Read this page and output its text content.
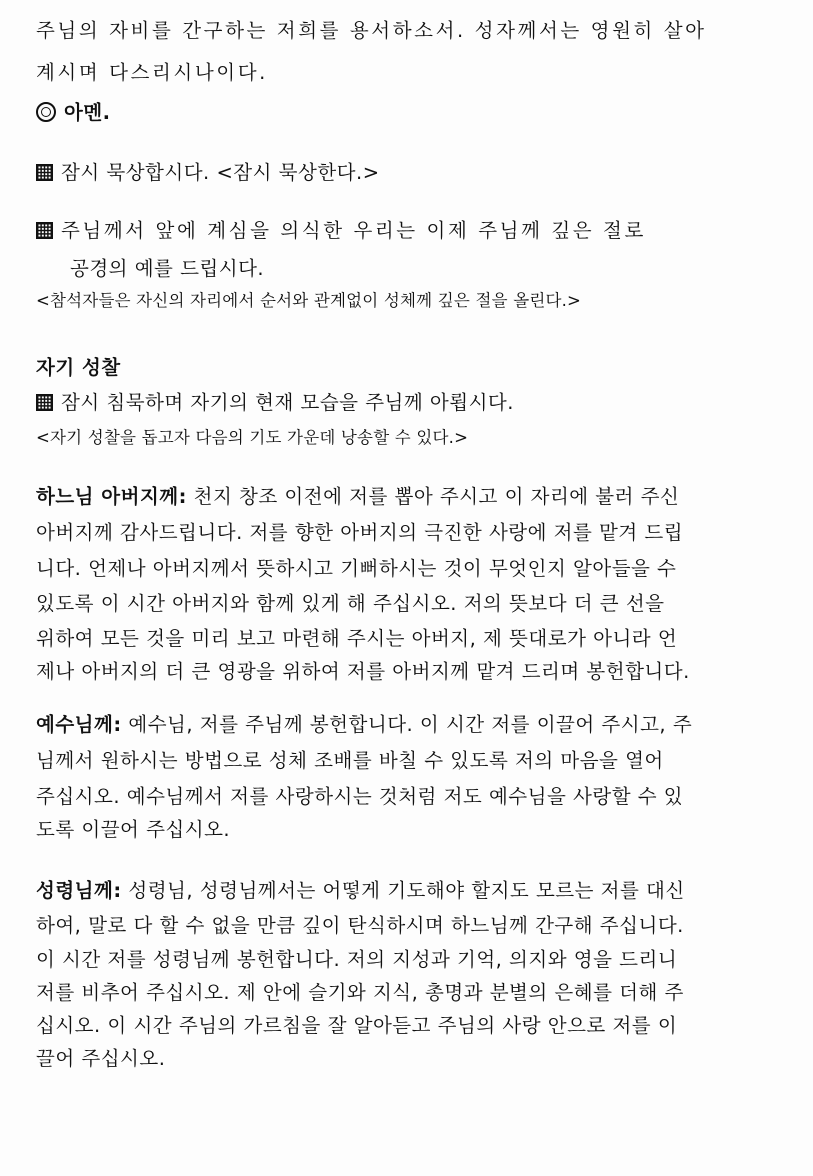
주님의 자비를 간구하는 저희를 용서하소서. 성자께서는 영원히 살아
계시며 다스리시나이다.
아멘.
잠시 묵상합시다. <잠시 묵상한다.>
주님께서 앞에 계심을 의식한 우리는 이제 주님께 깊은 절로
공경의 예를 드립시다.
<참석자들은 자신의 자리에서 순서와 관계없이 성체께 깊은 절을 올린다.>
자기 성찰
잠시 침묵하며 자기의 현재 모습을 주님께 아룁시다.
<자기 성찰을 돕고자 다음의 기도 가운데 낭송할 수 있다.>
하느님 아버지께: 천지 창조 이전에 저를 뽑아 주시고 이 자리에 불러 주신
아버지께 감사드립니다. 저를 향한 아버지의 극진한 사랑에 저를 맡겨 드립
니다. 언제나 아버지께서 뜻하시고 기뻐하시는 것이 무엇인지 알아들을 수
있도록 이 시간 아버지와 함께 있게 해 주십시오. 저의 뜻보다 더 큰 선을
위하여 모든 것을 미리 보고 마련해 주시는 아버지, 제 뜻대로가 아니라 언
제나 아버지의 더 큰 영광을 위하여 저를 아버지께 맡겨 드리며 봉헌합니다.
예수님께: 예수님, 저를 주님께 봉헌합니다. 이 시간 저를 이끌어 주시고, 주
님께서 원하시는 방법으로 성체 조배를 바칠 수 있도록 저의 마음을 열어
주십시오. 예수님께서 저를 사랑하시는 것처럼 저도 예수님을 사랑할 수 있
도록 이끌어 주십시오.
성령님께: 성령님, 성령님께서는 어떻게 기도해야 할지도 모르는 저를 대신
하여, 말로 다 할 수 없을 만큼 깊이 탄식하시며 하느님께 간구해 주십니다.
이 시간 저를 성령님께 봉헌합니다. 저의 지성과 기억, 의지와 영을 드리니
저를 비추어 주십시오. 제 안에 슬기와 지식, 총명과 분별의 은혜를 더해 주
십시오. 이 시간 주님의 가르침을 잘 알아듣고 주님의 사랑 안으로 저를 이
끌어 주십시오.
